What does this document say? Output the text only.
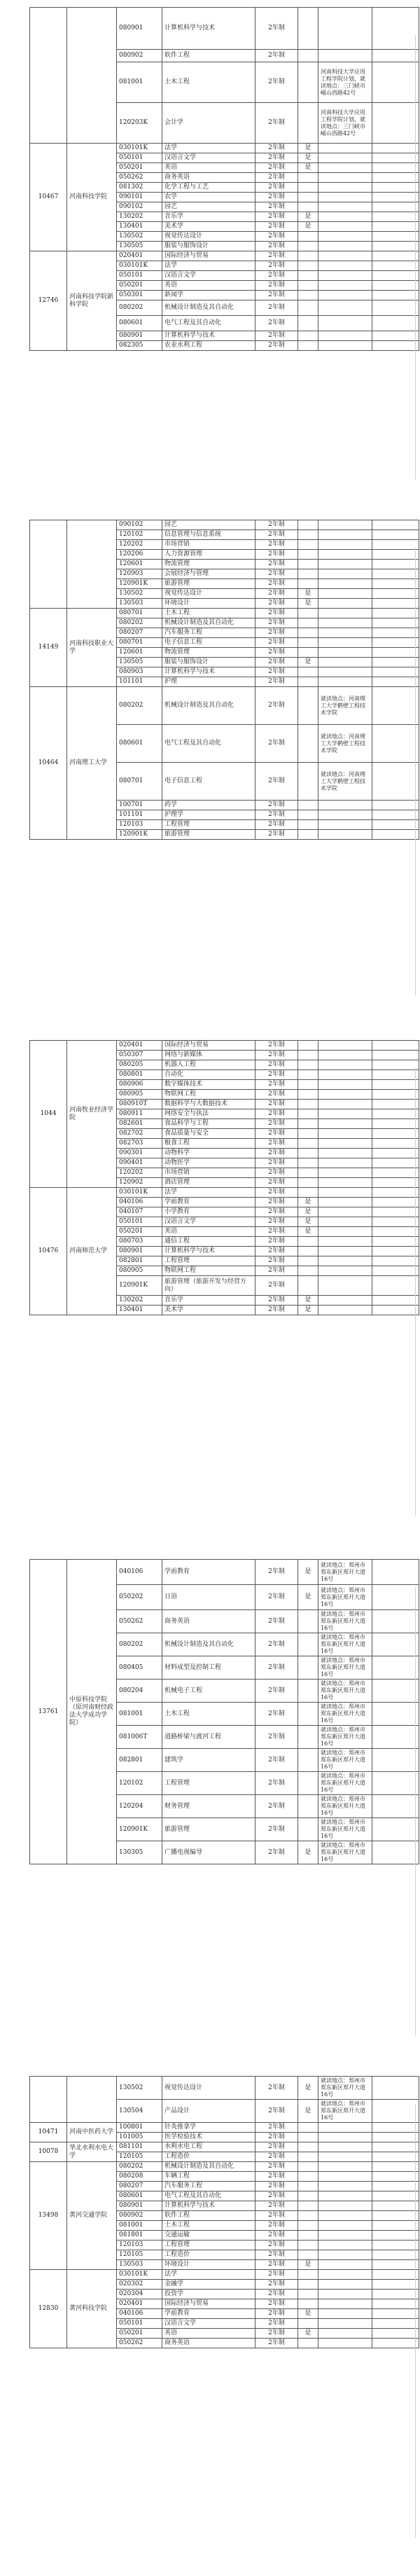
		080901	计算机科学与技术	2年制			
		080902	软件工程	2年制			
		081001	土木工程	2年制		河南科技大学应用工程学院计划，就读地点：三门峡市崤山西路42号	
		120203K	会计学	2年制		河南科技大学应用工程学院计划，就读地点：三门峡市崤山西路42号	
10467	河南科技学院	030101K	法学	2年制	是		
		050101	汉语言文学	2年制	是		
		050201	英语	2年制	是		
		050262	商务英语	2年制			
		081302	化学工程与工艺	2年制			
		090101	农学	2年制			
		090102	园艺	2年制			
		130202	音乐学	2年制	是		
		130401	美术学	2年制	是		
		130502	视觉传达设计	2年制			
		130505	服装与服饰设计	2年制			
12746	河南科技学院新科学院	020401	国际经济与贸易	2年制			
		030101K	法学	2年制			
		050101	汉语言文学	2年制			
		050201	英语	2年制			
		050301	新闻学	2年制			
		080202	机械设计制造及其自动化	2年制			
		080601	电气工程及其自动化	2年制			
		080901	计算机科学与技术	2年制			
		082305	农业水利工程	2年制			
		090102	园艺	2年制			
		120102	信息管理与信息系统	2年制			
		120202	市场营销	2年制			
		120206	人力资源管理	2年制			
		120601	物流管理	2年制			
		120903	会展经济与管理	2年制			
		120901K	旅游管理	2年制			
		130502	视觉传达设计	2年制	是		
		130503	环境设计	2年制	是		
14149	河南科技职业大学	080701	土木工程	2年制			
		080202	机械设计制造及其自动化	2年制			
		080207	汽车服务工程	2年制			
		080701	电子信息工程	2年制			
		120601	物流管理	2年制			
		130505	服装与服饰设计	2年制	是		
		080903	计算机科学与技术	2年制			
		101101	护理	2年制			
10464	河南理工大学	080202	机械设计制造及其自动化	2年制		就读地点：河南理工大学鹤壁工程技术学院	
		080601	电气工程及其自动化	2年制		就读地点：河南理工大学鹤壁工程技术学院	
		080701	电子信息工程	2年制		就读地点：河南理工大学鹤壁工程技术学院	
		100701	药学	2年制			
		101101	护理学	2年制			
		120103	工程管理	2年制			
		120901K	旅游管理	2年制			
1044	河南牧业经济学院	020401	国际经济与贸易	2年制			
		050307	网络与新媒体	2年制			
		080205	机器人工程	2年制			
		080801	自动化	2年制			
		080906	数字媒体技术	2年制			
		080905	物联网工程	2年制			
		080910T	数据科学与大数据技术	2年制			
		080911	网络安全与执法	2年制			
		082601	食品科学与工程	2年制			
		082702	食品质量与安全	2年制			
		082703	粮食工程	2年制			
		090301	动物科学	2年制			
		090401	动物医学	2年制			
		120202	市场营销	2年制			
		120902	酒店管理	2年制			
10476	河南师范大学	030101K	法学	2年制			
		040106	学前教育	2年制	是		
		040107	小学教育	2年制	是		
		050101	汉语言文学	2年制	是		
		050201	英语	2年制	是		
		080703	通信工程	2年制			
		080901	计算机科学与技术	2年制			
		082801	工程管理	2年制			
		080905	物联网工程	2年制			
		120901K	旅游管理（旅游开发与经营方向）	2年制			
		130202	音乐学	2年制	是		
		130401	美术学	2年制	是		
13761	中原科技学院（原河南财经政法大学成功学院）	040106	学前教育	2年制	是	就读地点：郑州市郑东新区郑开大道16号	
		050202	日语	2年制	是	就读地点：郑州市郑东新区郑开大道16号	
		050262	商务英语	2年制		就读地点：郑州市郑东新区郑开大道16号	
		080202	机械设计制造及其自动化	2年制		就读地点：郑州市郑东新区郑开大道16号	
		080405	材料成型及控制工程	2年制		就读地点：郑州市郑东新区郑开大道16号	
		080204	机械电子工程	2年制		就读地点：郑州市郑东新区郑开大道16号	
		081001	土木工程	2年制		就读地点：郑州市郑东新区郑开大道16号	
		081006T	道路桥梁与渡河工程	2年制		就读地点：郑州市郑东新区郑开大道16号	
		082801	建筑学	2年制		就读地点：郑州市郑东新区郑开大道16号	
		120102	工程管理	2年制		就读地点：郑州市郑东新区郑开大道16号	
		120204	财务管理	2年制		就读地点：郑州市郑东新区郑开大道16号	
		120901K	旅游管理	2年制		就读地点：郑州市郑东新区郑开大道16号	
		130305	广播电视编导	2年制	是	就读地点：郑州市郑东新区郑开大道16号	
		130502	视觉传达设计	2年制	是	就读地点：郑州市郑东新区郑开大道16号	
		130504	产品设计	2年制	是	就读地点：郑州市郑东新区郑开大道16号	
10471	河南中医药大学	100801	针灸推拿学	2年制			
		101005	医学检验技术	2年制			
10078	华北水利水电大学	081101	水利水电工程	2年制			
		120105	工程造价	2年制			
13498	黄河交通学院	080202	机械设计制造及其自动化	2年制			
		080208	车辆工程	2年制			
		080207	汽车服务工程	2年制			
		080601	电气工程及其自动化	2年制			
		080901	计算机科学与技术	2年制			
		080902	软件工程	2年制			
		081001	土木工程	2年制			
		081801	交通运输	2年制			
		120103	工程管理	2年制			
		120105	工程造价	2年制			
		130503	环境设计	2年制	是		
12830	黄河科技学院	030101K	法学	2年制			
		020302	金融学	2年制			
		020304	投资学	2年制			
		020401	国际经济与贸易	2年制			
		040106	学前教育	2年制	是		
		050101	汉语言文学	2年制			
		050201	英语	2年制	是		
		050262	商务英语	2年制			
